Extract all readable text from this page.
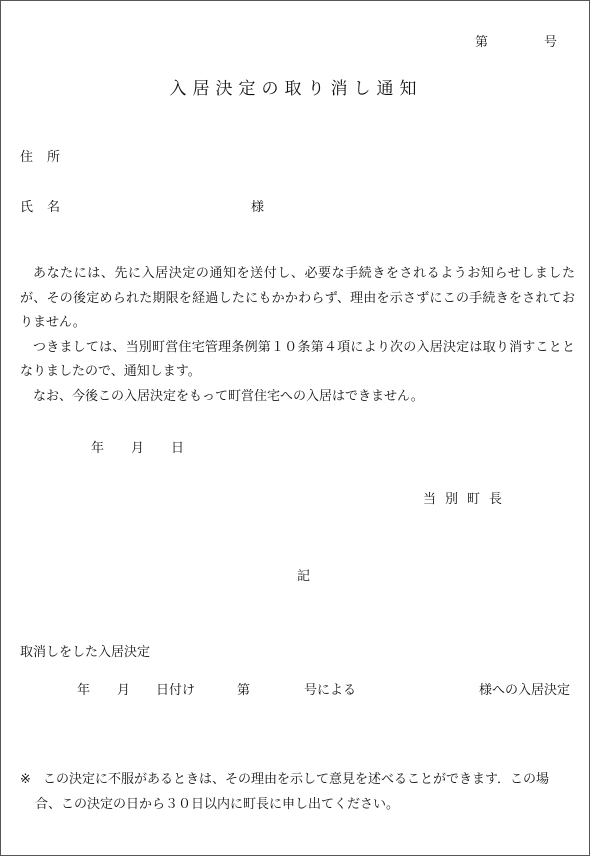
第	号
入居決定の取り消し通知
住所
氏名	様

あなたには、先に入居決定の通知を送付し、必要な手続きをされるようお知らせしましたが、その後定められた期限を経過したにもかかわらず、理由を示さずにこの手続きをされておりません。

つきましては、当別町営住宅管理条例第１０条第４項により次の入居決定は取り消すこととなりましたので、通知します。

なお、今後この入居決定をもって町営住宅への入居はできません。

年 月 日
当別町長
記
取消しをした入居決定
年 月 日付け	第	号による	様への入居決定
※ この決定に不服があるときは、その理由を示して意見を述べることができます．この場

合、この決定の日から３０日以内に町長に申し出てください。
